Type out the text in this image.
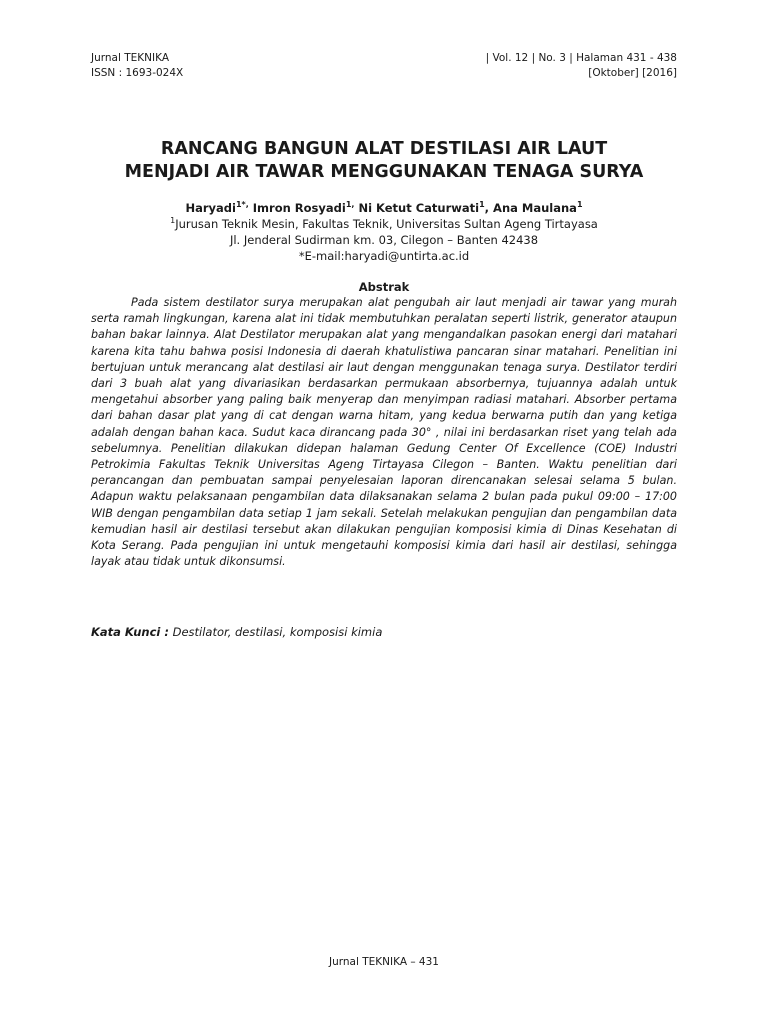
Jurnal TEKNIKA
ISSN : 1693-024X
| Vol. 12 | No. 3 | Halaman 431 - 438
[Oktober] [2016]
RANCANG BANGUN ALAT DESTILASI AIR LAUT
MENJADI AIR TAWAR MENGGUNAKAN TENAGA SURYA
Haryadi$^{1*,}$ Imron Rosyadi$^{1,}$ Ni Ketut Caturwati$^1$, Ana Maulana$^1$
$^1$Jurusan Teknik Mesin, Fakultas Teknik, Universitas Sultan Ageng Tirtayasa
Jl. Jenderal Sudirman km. 03, Cilegon – Banten 42438
*E-mail:haryadi@untirta.ac.id
Abstrak
Pada sistem destilator surya merupakan alat pengubah air laut menjadi air tawar yang murah serta ramah lingkungan, karena alat ini tidak membutuhkan peralatan seperti listrik, generator ataupun bahan bakar lainnya. Alat Destilator merupakan alat yang mengandalkan pasokan energi dari matahari karena kita tahu bahwa posisi Indonesia di daerah khatulistiwa pancaran sinar matahari. Penelitian ini bertujuan untuk merancang alat destilasi air laut dengan menggunakan tenaga surya. Destilator terdiri dari 3 buah alat yang divariasikan berdasarkan permukaan absorbernya, tujuannya adalah untuk mengetahui absorber yang paling baik menyerap dan menyimpan radiasi matahari. Absorber pertama dari bahan dasar plat yang di cat dengan warna hitam, yang kedua berwarna putih dan yang ketiga adalah dengan bahan kaca. Sudut kaca dirancang pada 30° , nilai ini berdasarkan riset yang telah ada sebelumnya. Penelitian dilakukan didepan halaman Gedung Center Of Excellence (COE) Industri Petrokimia Fakultas Teknik Universitas Ageng Tirtayasa Cilegon – Banten. Waktu penelitian dari perancangan dan pembuatan sampai penyelesaian laporan direncanakan selesai selama 5 bulan. Adapun waktu pelaksanaan pengambilan data dilaksanakan selama 2 bulan pada pukul 09:00 – 17:00 WIB dengan pengambilan data setiap 1 jam sekali. Setelah melakukan pengujian dan pengambilan data kemudian hasil air destilasi tersebut akan dilakukan pengujian komposisi kimia di Dinas Kesehatan di Kota Serang. Pada pengujian ini untuk mengetauhi komposisi kimia dari hasil air destilasi, sehingga layak atau tidak untuk dikonsumsi.
Kata Kunci : Destilator, destilasi, komposisi kimia
Jurnal TEKNIKA – 431
